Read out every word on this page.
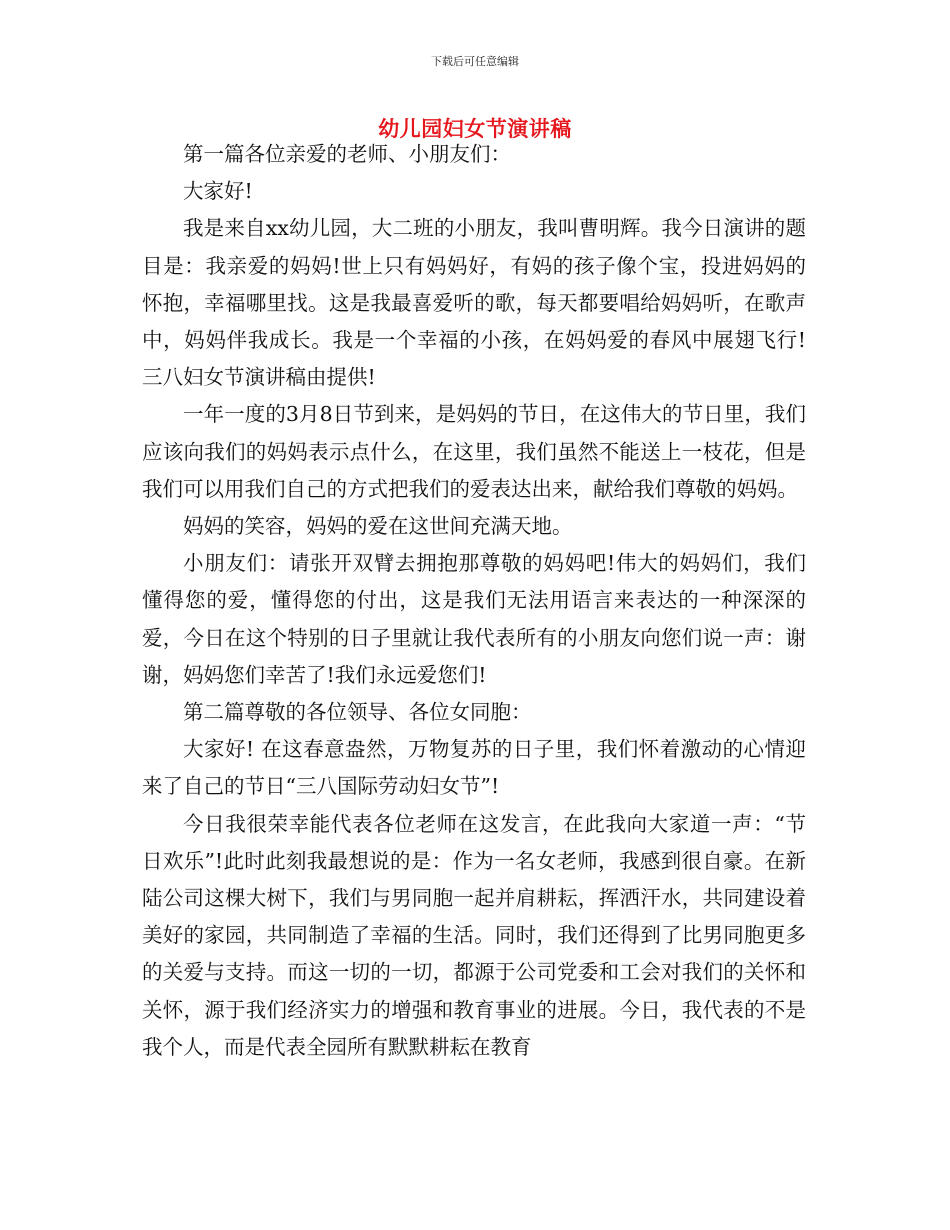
下载后可任意编辑
幼儿园妇女节演讲稿

第一篇各位亲爱的老师、小朋友们：

大家好!

我是来自xx幼儿园，大二班的小朋友，我叫曹明辉。我今日演讲的题目是：我亲爱的妈妈!世上只有妈妈好，有妈的孩子像个宝，投进妈妈的怀抱，幸福哪里找。这是我最喜爱听的歌，每天都要唱给妈妈听，在歌声中，妈妈伴我成长。我是一个幸福的小孩，在妈妈爱的春风中展翅飞行!三八妇女节演讲稿由提供!

一年一度的3月8日节到来，是妈妈的节日，在这伟大的节日里，我们应该向我们的妈妈表示点什么，在这里，我们虽然不能送上一枝花，但是我们可以用我们自己的方式把我们的爱表达出来，献给我们尊敬的妈妈。

妈妈的笑容，妈妈的爱在这世间充满天地。

小朋友们：请张开双臂去拥抱那尊敬的妈妈吧!伟大的妈妈们，我们懂得您的爱，懂得您的付出，这是我们无法用语言来表达的一种深深的爱，今日在这个特别的日子里就让我代表所有的小朋友向您们说一声：谢谢，妈妈您们幸苦了!我们永远爱您们!

第二篇尊敬的各位领导、各位女同胞：

大家好! 在这春意盎然，万物复苏的日子里，我们怀着激动的心情迎来了自己的节日“三八国际劳动妇女节”!

今日我很荣幸能代表各位老师在这发言，在此我向大家道一声：“节日欢乐”!此时此刻我最想说的是：作为一名女老师，我感到很自豪。在新陆公司这棵大树下，我们与男同胞一起并肩耕耘，挥洒汗水，共同建设着美好的家园，共同制造了幸福的生活。同时，我们还得到了比男同胞更多的关爱与支持。而这一切的一切，都源于公司党委和工会对我们的关怀和关怀，源于我们经济实力的增强和教育事业的进展。今日，我代表的不是我个人，而是代表全园所有默默耕耘在教育
